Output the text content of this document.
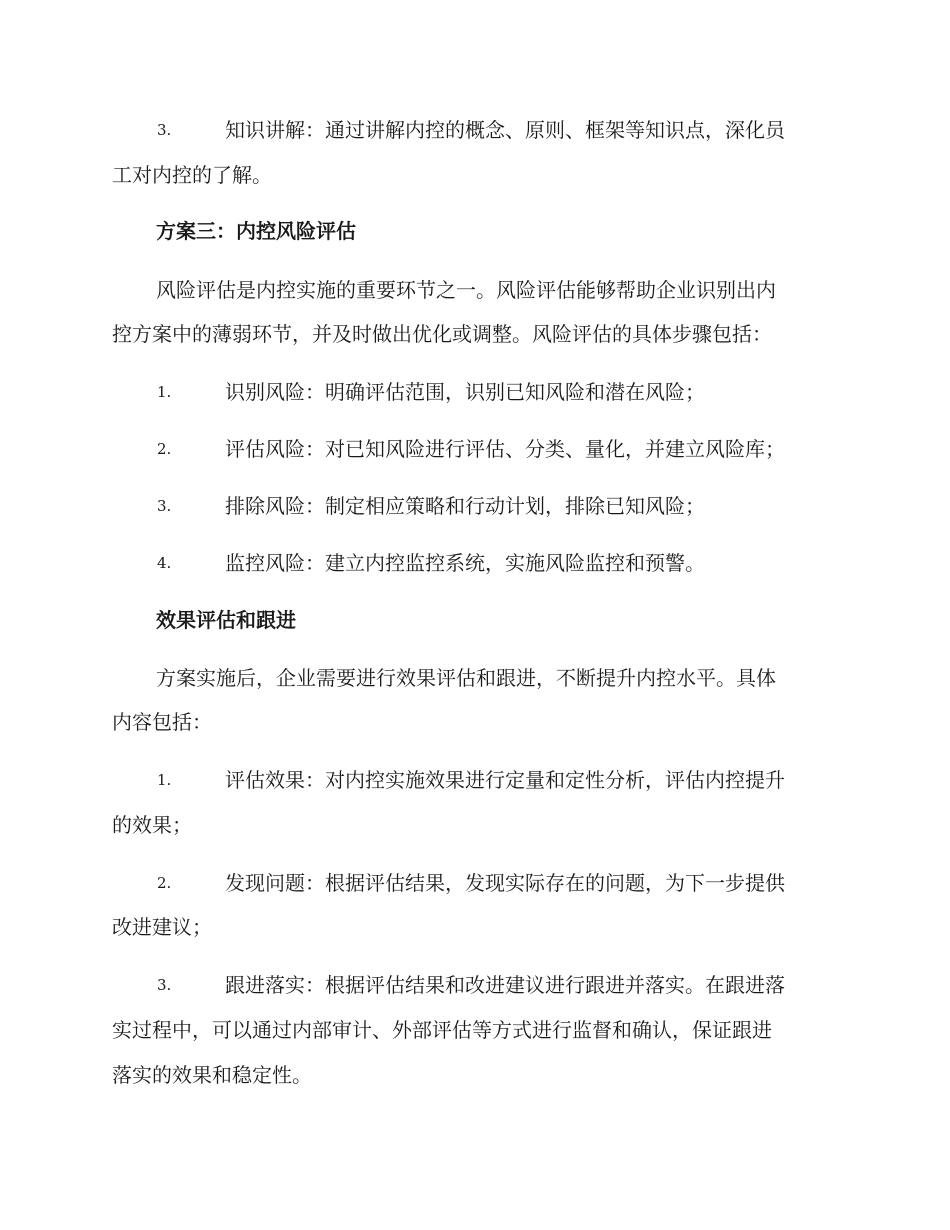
3.	知识讲解：通过讲解内控的概念、原则、框架等知识点，深化员
工对内控的了解。
方案三：内控风险评估
风险评估是内控实施的重要环节之一。风险评估能够帮助企业识别出内
控方案中的薄弱环节，并及时做出优化或调整。风险评估的具体步骤包括：
1.	识别风险：明确评估范围，识别已知风险和潜在风险；
2.	评估风险：对已知风险进行评估、分类、量化，并建立风险库；
3.	排除风险：制定相应策略和行动计划，排除已知风险；
4.	监控风险：建立内控监控系统，实施风险监控和预警。
效果评估和跟进
方案实施后，企业需要进行效果评估和跟进，不断提升内控水平。具体
内容包括：
1.	评估效果：对内控实施效果进行定量和定性分析，评估内控提升
的效果；
2.	发现问题：根据评估结果，发现实际存在的问题，为下一步提供
改进建议；
3.	跟进落实：根据评估结果和改进建议进行跟进并落实。在跟进落
实过程中，可以通过内部审计、外部评估等方式进行监督和确认，保证跟进
落实的效果和稳定性。
